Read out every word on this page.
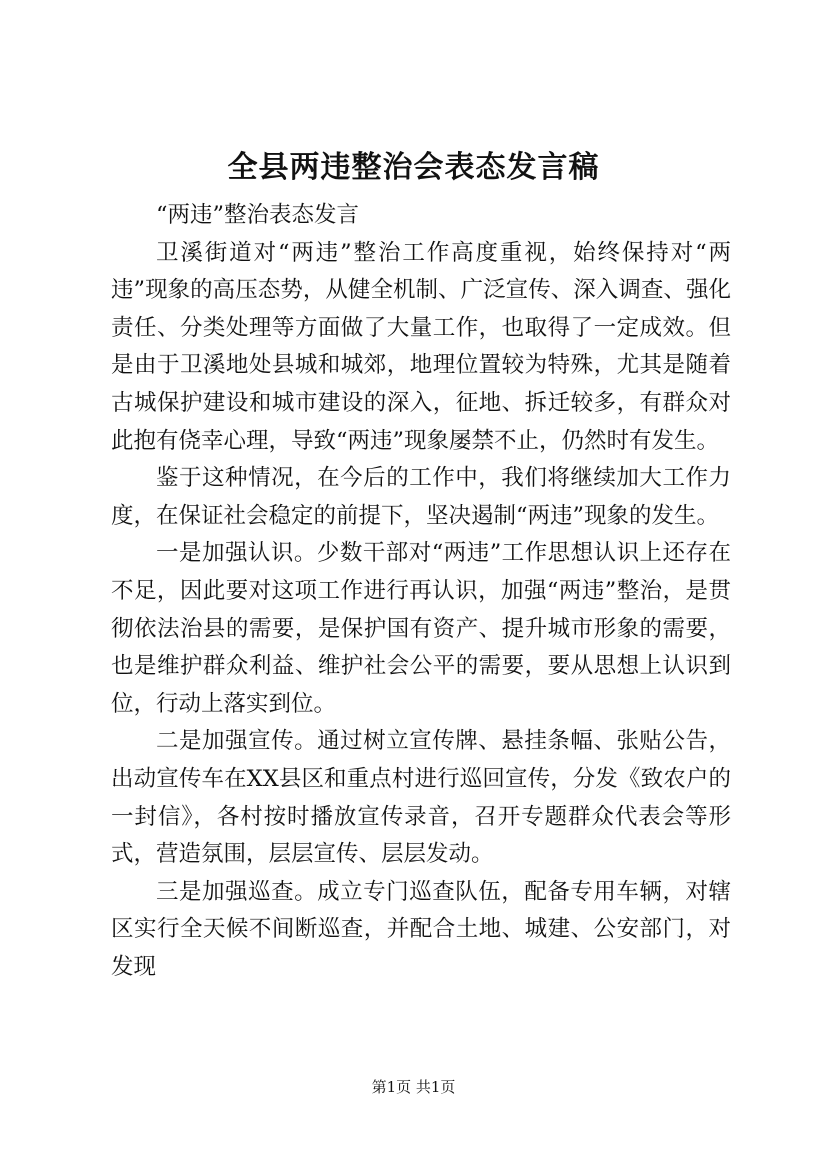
全县两违整治会表态发言稿

“两违”整治表态发言

卫溪街道对“两违”整治工作高度重视，始终保持对“两违”现象的高压态势，从健全机制、广泛宣传、深入调查、强化责任、分类处理等方面做了大量工作，也取得了一定成效。但是由于卫溪地处县城和城郊，地理位置较为特殊，尤其是随着古城保护建设和城市建设的深入，征地、拆迁较多，有群众对此抱有侥幸心理，导致“两违”现象屡禁不止，仍然时有发生。

鉴于这种情况，在今后的工作中，我们将继续加大工作力度，在保证社会稳定的前提下，坚决遏制“两违”现象的发生。

一是加强认识。少数干部对“两违”工作思想认识上还存在不足，因此要对这项工作进行再认识，加强“两违”整治，是贯彻依法治县的需要，是保护国有资产、提升城市形象的需要，也是维护群众利益、维护社会公平的需要，要从思想上认识到位，行动上落实到位。

二是加强宣传。通过树立宣传牌、悬挂条幅、张贴公告，出动宣传车在XX县区和重点村进行巡回宣传，分发《致农户的一封信》，各村按时播放宣传录音，召开专题群众代表会等形式，营造氛围，层层宣传、层层发动。

三是加强巡查。成立专门巡查队伍，配备专用车辆，对辖区实行全天候不间断巡查，并配合土地、城建、公安部门，对发现

第1页 共1页
